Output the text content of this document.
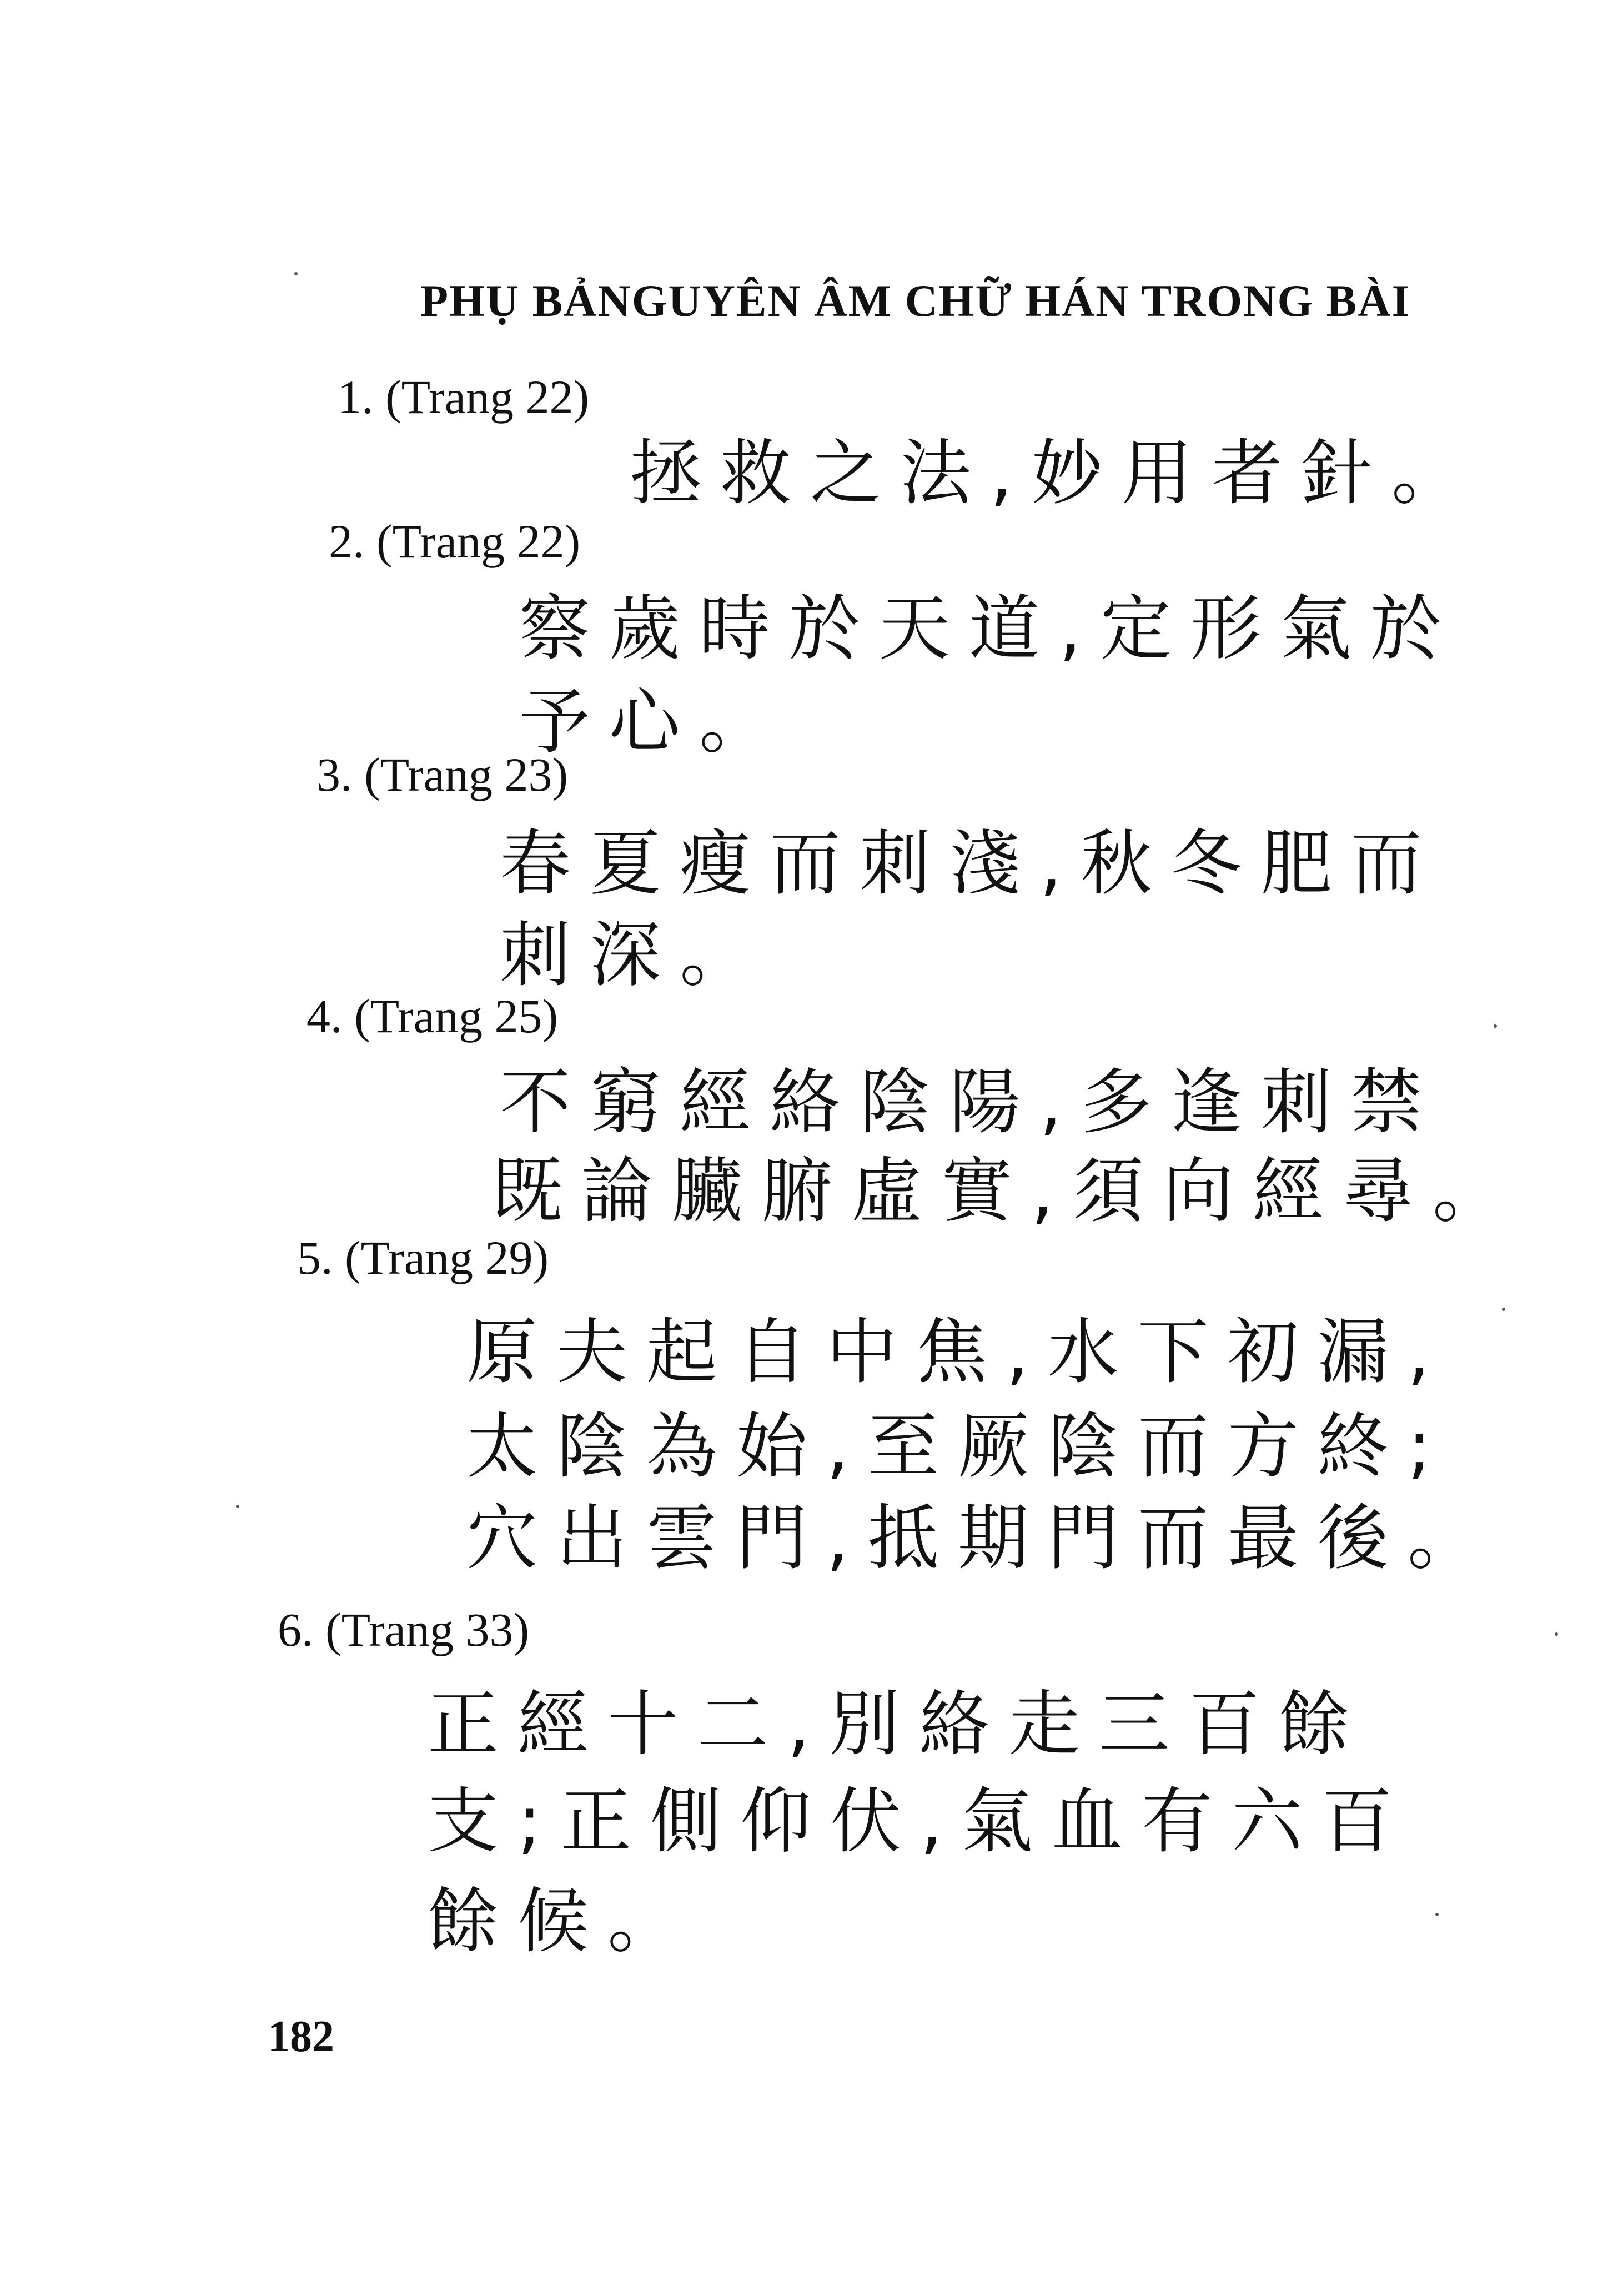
PHỤ BẢNGUYÊN ÂM CHỮ HÁN TRONG BÀI
1. (Trang 22)
拯救之法,妙用者針。
2. (Trang 22)
察歲時於天道,定形氣於
予心。
3. (Trang 23)
春夏瘦而刺淺,秋冬肥而
刺深。
4. (Trang 25)
不窮經絡陰陽,多逢刺禁
既論臟腑虛實,須向經尋。
5. (Trang 29)
原夫起自中焦,水下初漏,
太陰為始,至厥陰而方終;
穴出雲門,抵期門而最後。
6. (Trang 33)
正經十二,別絡走三百餘
支;正側仰伏,氣血有六百
餘候。
182
